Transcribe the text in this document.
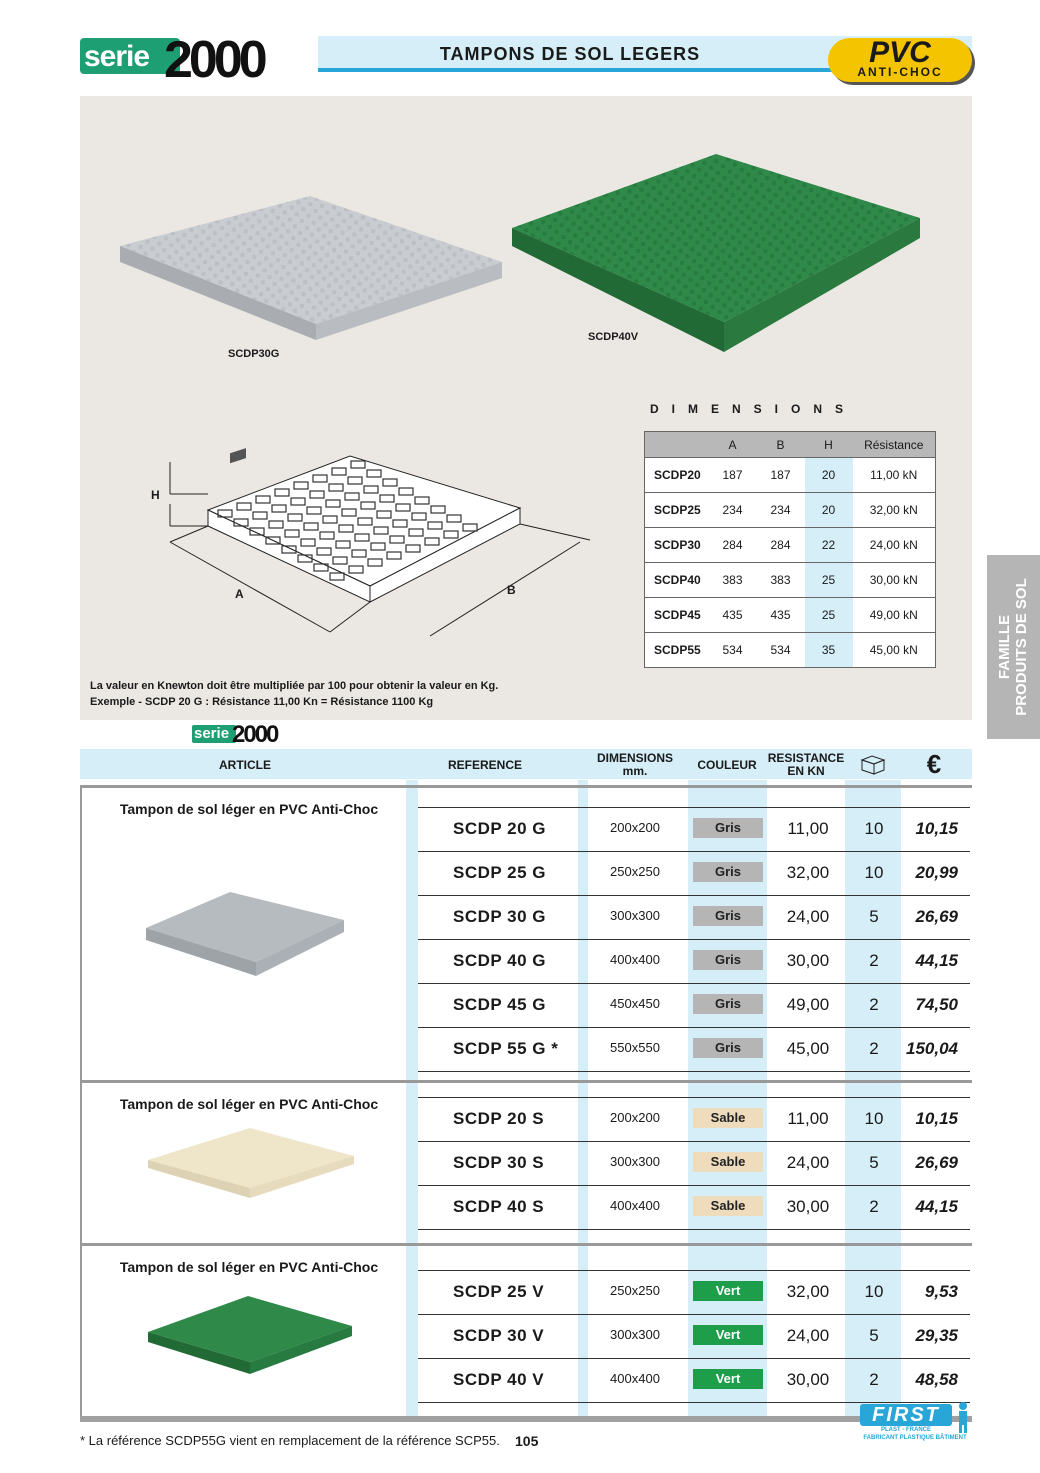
serie 2000	TAMPONS DE SOL LEGERS	PVC
ANTI-CHOC
SCDP30G
SCDP40V
H
A	B
DIMENSIONS
	A	B	H	Résistance
SCDP20	187	187	20	11,00 kN
SCDP25	234	234	20	32,00 kN
SCDP30	284	284	22	24,00 kN
SCDP40	383	383	25	30,00 kN
SCDP45	435	435	25	49,00 kN
SCDP55	534	534	35	45,00 kN
La valeur en Knewton doit être multipliée par 100 pour obtenir la valeur en Kg.
Exemple - SCDP 20 G : Résistance 11,00 Kn = Résistance 1100 Kg
FAMILLE
PRODUITS DE SOL
serie 2000
ARTICLE	REFERENCE	DIMENSIONS
mm.	COULEUR RESISTANCE
EN KN	€
Tampon de sol léger en PVC Anti-Choc
SCDP 20 G	200x200	Gris	11,00	10	10,15
SCDP 25 G	250x250	Gris	32,00	10	20,99
SCDP 30 G	300x300	Gris	24,00	5	26,69
SCDP 40 G	400x400	Gris	30,00	2	44,15
SCDP 45 G	450x450	Gris	49,00	2	74,50
SCDP 55 G *	550x550	Gris	45,00	2	150,04
Tampon de sol léger en PVC Anti-Choc
SCDP 20 S	200x200	Sable	11,00	10	10,15
SCDP 30 S	300x300	Sable	24,00	5	26,69
SCDP 40 S	400x400	Sable	30,00	2	44,15
Tampon de sol léger en PVC Anti-Choc
SCDP 25 V	250x250	Vert	32,00	10	9,53
SCDP 30 V	300x300	Vert	24,00	5	29,35
SCDP 40 V	400x400	Vert	30,00	2	48,58
* La référence SCDP55G vient en remplacement de la référence SCP55. 105
FIRST
PLAST - FRANCE
FABRICANT PLASTIQUE BÂTIMENT
